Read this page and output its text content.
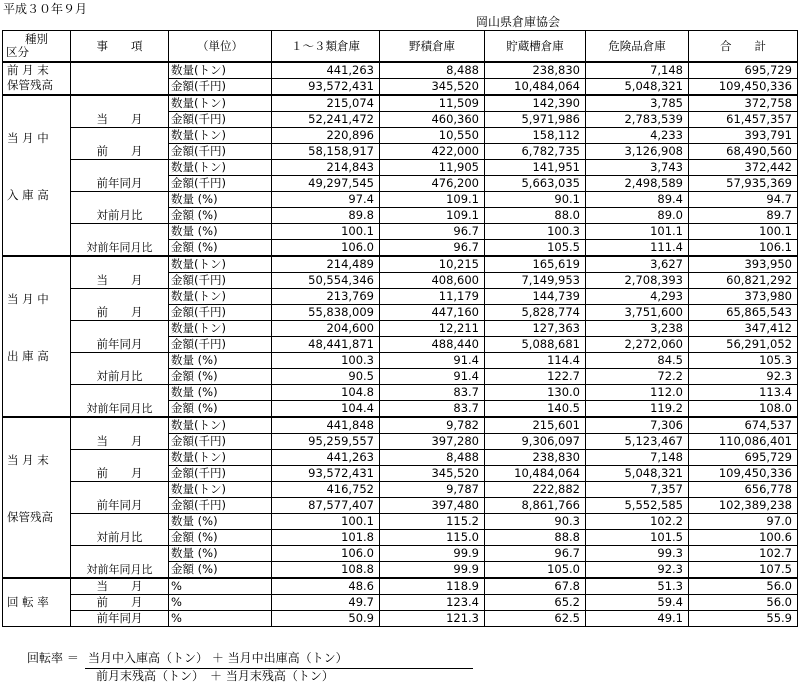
平成３０年９月
岡山県倉庫協会
種別
区分	事　　項	（単位）	１～３類倉庫	野積倉庫	貯蔵槽倉庫	危険品倉庫	合　　計

前 月 末
保管残高		数量(トン)	441,263	8,488	238,830	7,148	695,729
		金額(千円)	93,572,431	345,520	10,484,064	5,048,321	109,450,336

当 月 中
入 庫 高	当　　月	数量(トン)	215,074	11,509	142,390	3,785	372,758
		金額(千円)	52,241,472	460,360	5,971,986	2,783,539	61,457,357
	前　　月	数量(トン)	220,896	10,550	158,112	4,233	393,791
		金額(千円)	58,158,917	422,000	6,782,735	3,126,908	68,490,560
	前年同月	数量(トン)	214,843	11,905	141,951	3,743	372,442
		金額(千円)	49,297,545	476,200	5,663,035	2,498,589	57,935,369
	対前月比	数量 (%)	97.4	109.1	90.1	89.4	94.7
		金額 (%)	89.8	109.1	88.0	89.0	89.7
	対前年同月比	数量 (%)	100.1	96.7	100.3	101.1	100.1
		金額 (%)	106.0	96.7	105.5	111.4	106.1

当 月 中
出 庫 高	当　　月	数量(トン)	214,489	10,215	165,619	3,627	393,950
		金額(千円)	50,554,346	408,600	7,149,953	2,708,393	60,821,292
	前　　月	数量(トン)	213,769	11,179	144,739	4,293	373,980
		金額(千円)	55,838,009	447,160	5,828,774	3,751,600	65,865,543
	前年同月	数量(トン)	204,600	12,211	127,363	3,238	347,412
		金額(千円)	48,441,871	488,440	5,088,681	2,272,060	56,291,052
	対前月比	数量 (%)	100.3	91.4	114.4	84.5	105.3
		金額 (%)	90.5	91.4	122.7	72.2	92.3
	対前年同月比	数量 (%)	104.8	83.7	130.0	112.0	113.4
		金額 (%)	104.4	83.7	140.5	119.2	108.0

当 月 末
保管残高	当　　月	数量(トン)	441,848	9,782	215,601	7,306	674,537
		金額(千円)	95,259,557	397,280	9,306,097	5,123,467	110,086,401
	前　　月	数量(トン)	441,263	8,488	238,830	7,148	695,729
		金額(千円)	93,572,431	345,520	10,484,064	5,048,321	109,450,336
	前年同月	数量(トン)	416,752	9,787	222,882	7,357	656,778
		金額(千円)	87,577,407	397,480	8,861,766	5,552,585	102,389,238
	対前月比	数量 (%)	100.1	115.2	90.3	102.2	97.0
		金額 (%)	101.8	115.0	88.8	101.5	100.6
	対前年同月比	数量 (%)	106.0	99.9	96.7	99.3	102.7
		金額 (%)	108.8	99.9	105.0	92.3	107.5
回 転 率	当　　月	%	48.6	118.9	67.8	51.3	56.0
	前　　月	%	49.7	123.4	65.2	59.4	56.0
	前年同月	%	50.9	121.3	62.5	49.1	55.9
回転率 ＝ 当月中入庫高（トン） ＋ 当月中出庫高（トン）
前月末残高（トン）　＋ 当月末残高（トン）
